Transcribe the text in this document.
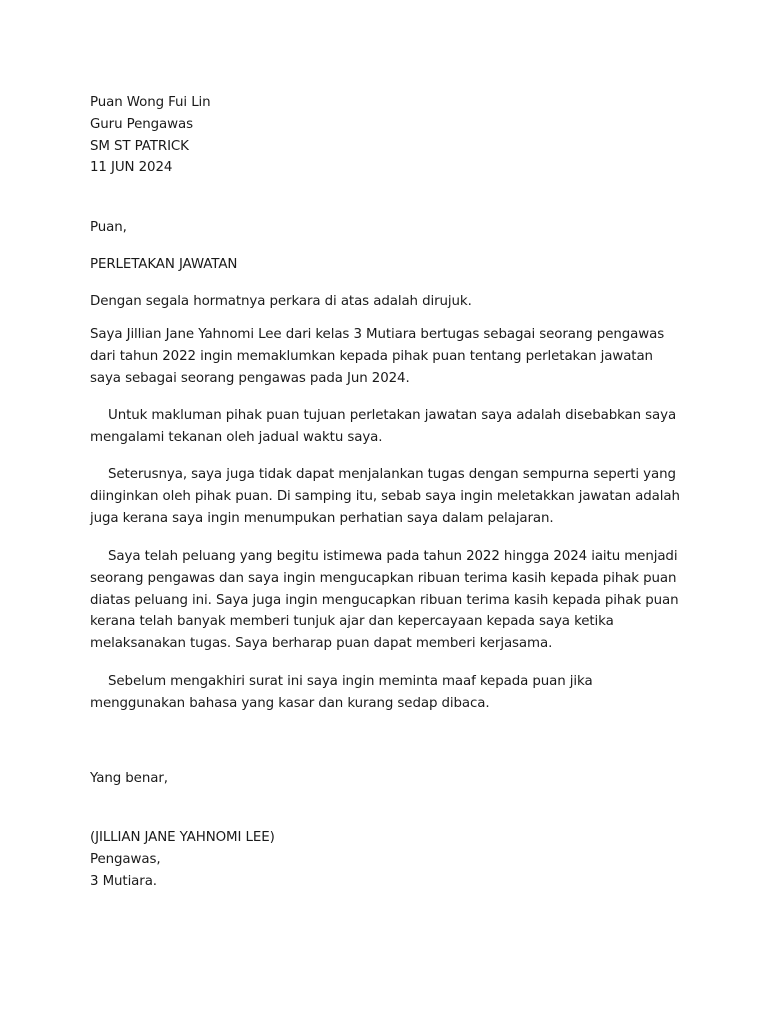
Puan Wong Fui Lin
Guru Pengawas
SM ST PATRICK
11 JUN 2024

Puan,

PERLETAKAN JAWATAN

Dengan segala hormatnya perkara di atas adalah dirujuk.

Saya Jillian Jane Yahnomi Lee dari kelas 3 Mutiara bertugas sebagai seorang pengawas dari tahun 2022 ingin memaklumkan kepada pihak puan tentang perletakan jawatan saya sebagai seorang pengawas pada Jun 2024.

Untuk makluman pihak puan tujuan perletakan jawatan saya adalah disebabkan saya mengalami tekanan oleh jadual waktu saya.

Seterusnya, saya juga tidak dapat menjalankan tugas dengan sempurna seperti yang diinginkan oleh pihak puan. Di samping itu, sebab saya ingin meletakkan jawatan adalah juga kerana saya ingin menumpukan perhatian saya dalam pelajaran.

Saya telah peluang yang begitu istimewa pada tahun 2022 hingga 2024 iaitu menjadi seorang pengawas dan saya ingin mengucapkan ribuan terima kasih kepada pihak puan diatas peluang ini. Saya juga ingin mengucapkan ribuan terima kasih kepada pihak puan kerana telah banyak memberi tunjuk ajar dan kepercayaan kepada saya ketika melaksanakan tugas. Saya berharap puan dapat memberi kerjasama.

Sebelum mengakhiri surat ini saya ingin meminta maaf kepada puan jika menggunakan bahasa yang kasar dan kurang sedap dibaca.

Yang benar,

(JILLIAN JANE YAHNOMI LEE)
Pengawas,
3 Mutiara.
